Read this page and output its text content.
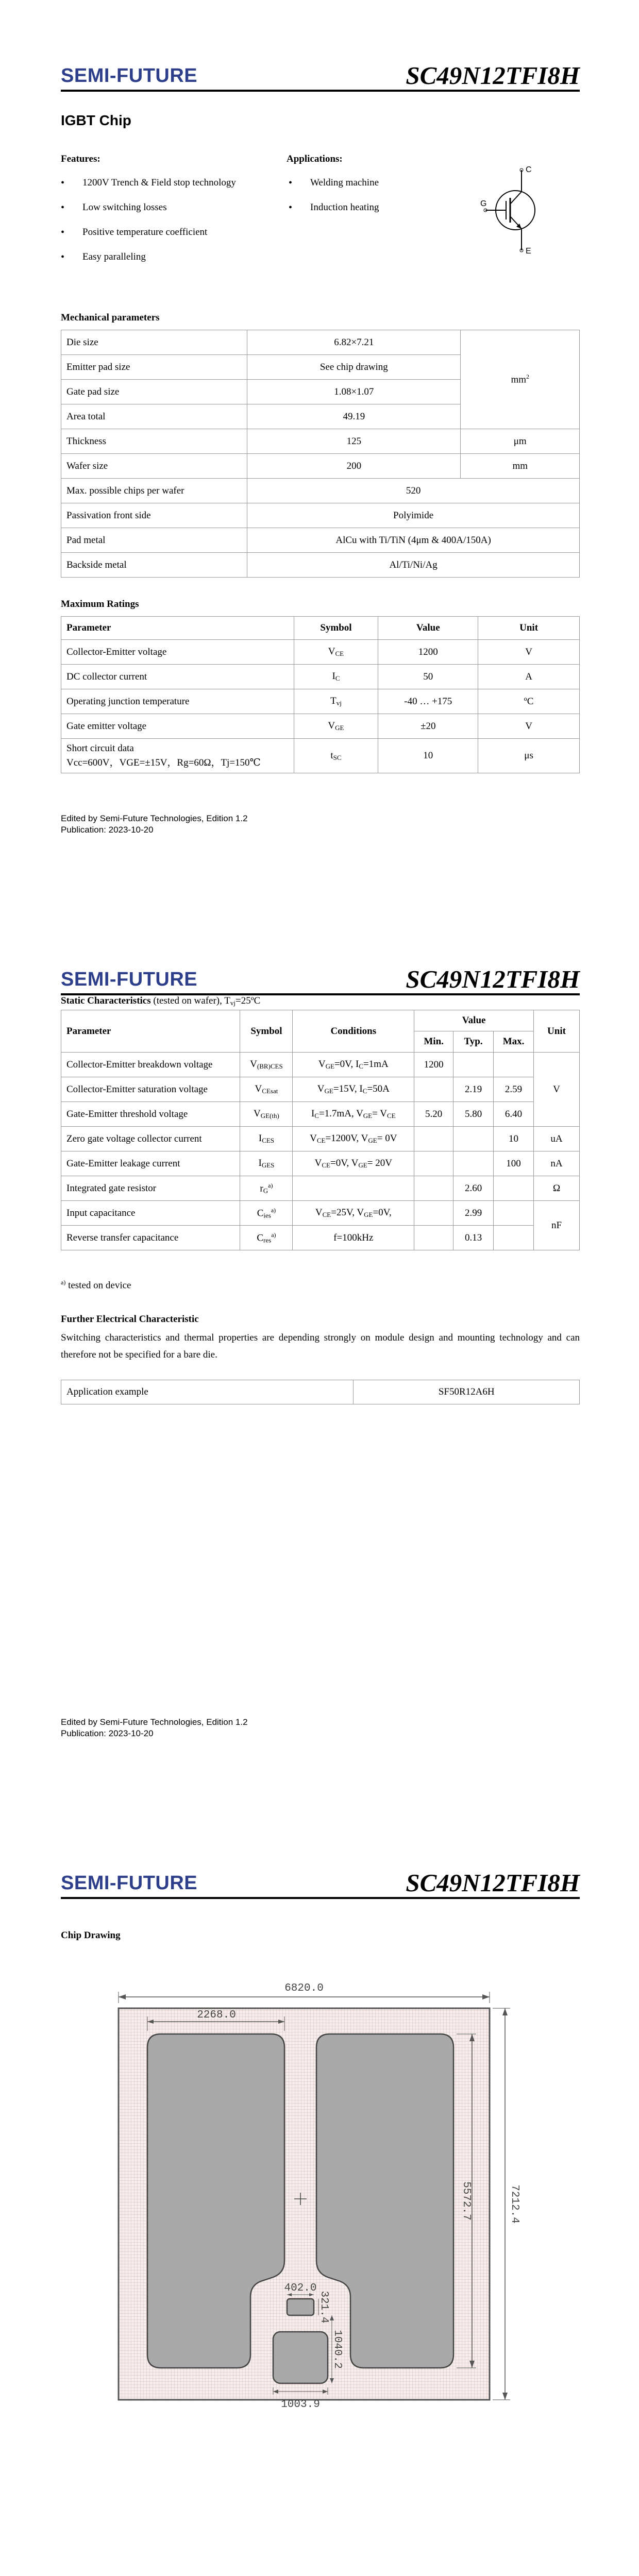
SEMI-FUTURE	SC49N12TFI8H
IGBT Chip
Features:
• 1200V Trench & Field stop technology
• Low switching losses
• Positive temperature coefficient
• Easy paralleling
Applications:
• Welding machine
• Induction heating
C
E
G
Mechanical parameters
Die size	6.82×7.21	$mm^2$
Emitter pad size	See chip drawing	
Gate pad size	1.08×1.07	
Area total	49.19	
Thickness	125	μm
Wafer size	200	mm
Max. possible chips per wafer	520	
Passivation front side	Polyimide	
Pad metal	AlCu with Ti/TiN (4μm & 400A/150A)	
Backside metal	Al/Ti/Ni/Ag	
Maximum Ratings
Parameter	Symbol	Value	Unit
Collector-Emitter voltage	$V_{CE}$	1200	V
DC collector current	$I_C$	50	A
Operating junction temperature	$T_{vj}$	-40 … +175	ºC
Gate emitter voltage	$V_{GE}$	±20	V
Short circuit data
Vcc=600V，VGE=±15V，Rg=60Ω，Tj=150℃	$t_{SC}$	10	μs
Edited by Semi-Future Technologies, Edition 1.2
Publication: 2023-10-20
SEMI-FUTURE	SC49N12TFI8H
Static Characteristics (tested on wafer), $T_{vj}=25ºC$
Parameter	Symbol	Conditions	Value			Unit
			Min.	Typ.	Max.	
Collector-Emitter breakdown voltage	$V_{(BR)CES}$	$V_{GE}=0V$, $I_C=1mA$	1200			V
Collector-Emitter saturation voltage	$V_{CEsat}$	$V_{GE}=15V$, $I_C=50A$		2.19	2.59	
Gate-Emitter threshold voltage	$V_{GE(th)}$	$I_C=1.7mA$, $V_{GE}= V_{CE}$	5.20	5.80	6.40	
Zero gate voltage collector current	$I_{CES}$	$V_{CE}=1200V$, $V_{GE}= 0V$			10	uA
Gate-Emitter leakage current	$I_{GES}$	$V_{CE}=0V$, $V_{GE}= 20V$			100	nA
Integrated gate resistor	$r_G^{a)}$			2.60		Ω
Input capacitance	$C_{ies}^{a)}$	$V_{CE}=25V$, $V_{GE}=0V$,		2.99		nF
Reverse transfer capacitance	$C_{res}^{a)}$	f=100kHz		0.13		
$^{a)}$ tested on device
Further Electrical Characteristic
Switching characteristics and thermal properties are depending strongly on module design and mounting technology and can therefore not be specified for a bare die.
Application example	SF50R12A6H
Edited by Semi-Future Technologies, Edition 1.2
Publication: 2023-10-20
SEMI-FUTURE	SC49N12TFI8H
Chip Drawing
6820.0
2268.0
7212.4
5572.7
402.0
321.4
1040.2
1003.9
